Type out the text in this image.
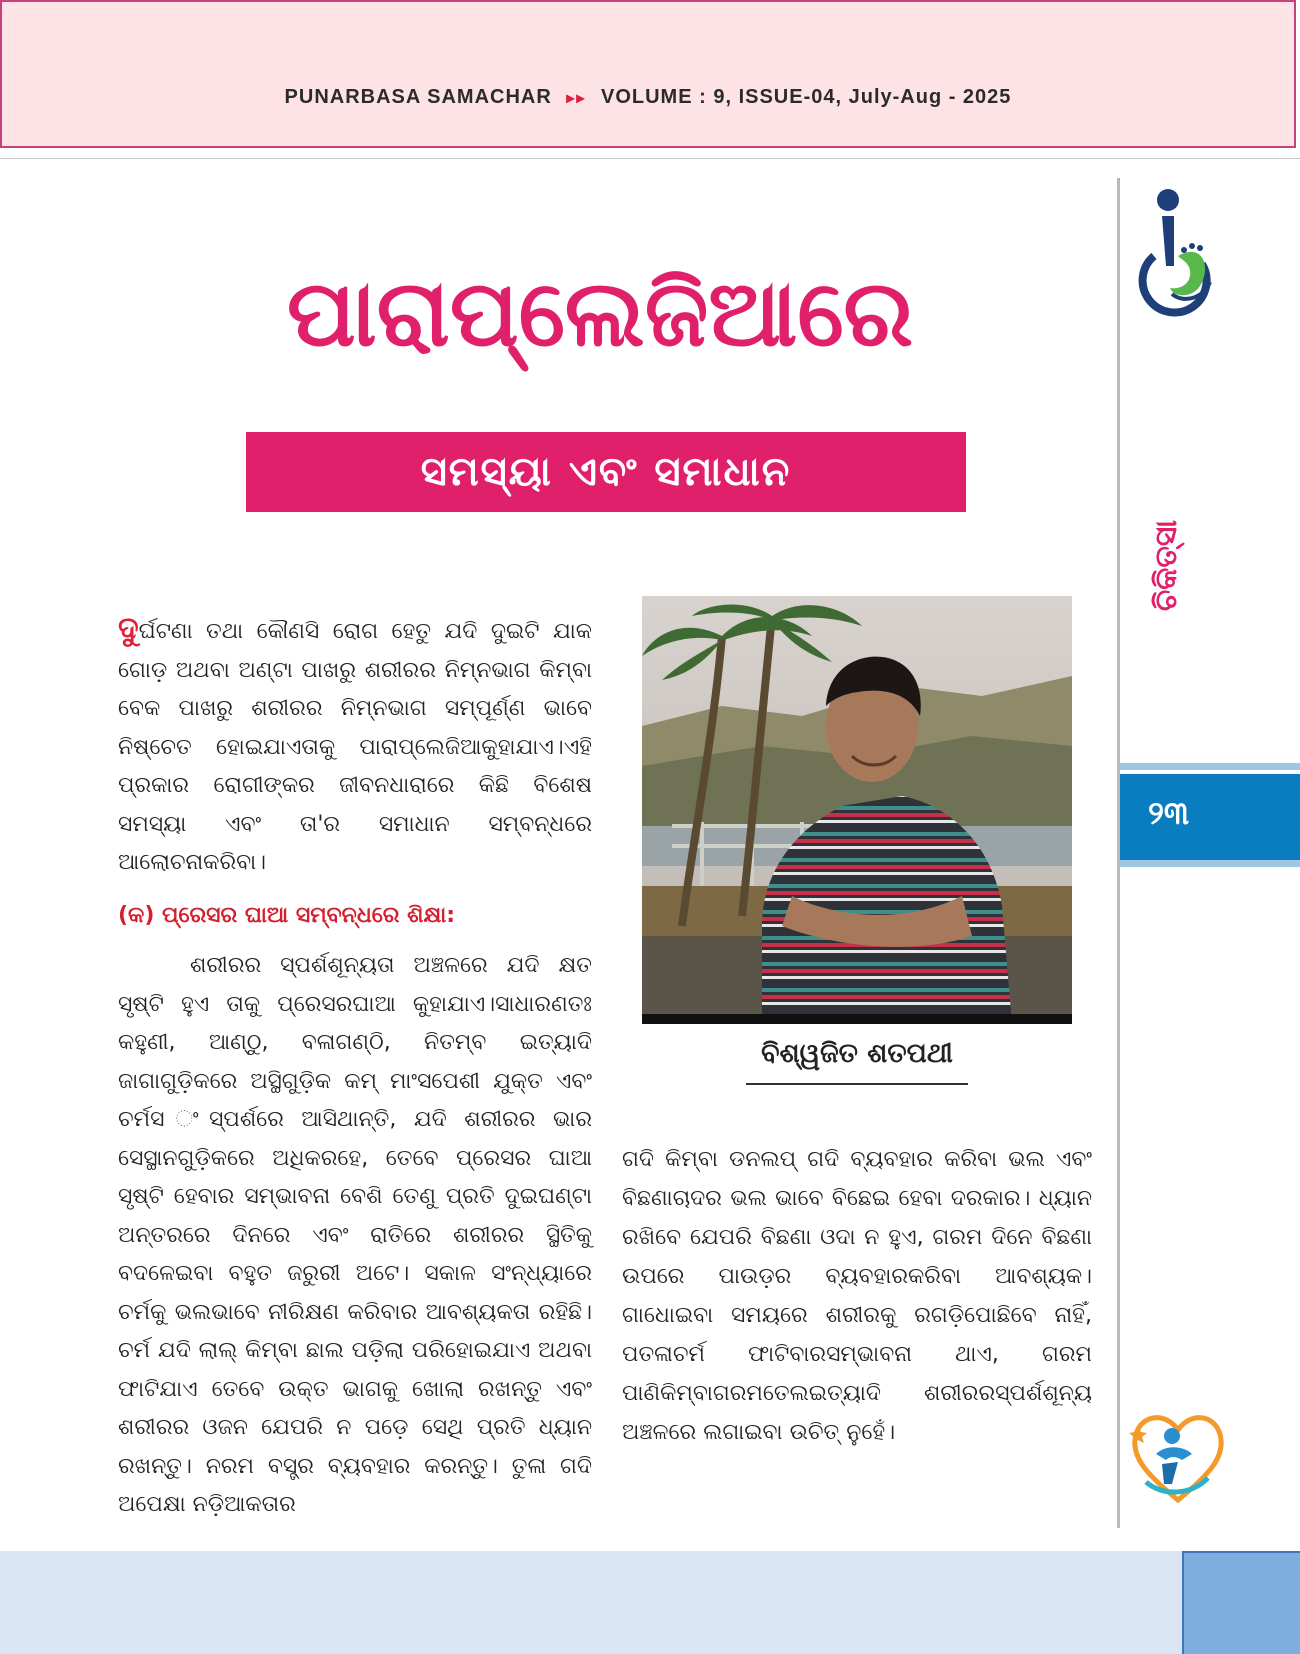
PUNARBASA SAMACHAR ▸▸ VOLUME : 9, ISSUE-04, July-Aug - 2025
ଚିକିତ୍ସା
୨୩
ପାରାପ୍ଲେଜିଆରେ
ସମସ୍ୟା ଏବଂ ସମାଧାନ

ଦୁର୍ଘଟଣା ତଥା କୌଣସି ରୋଗ ହେତୁ ଯଦି ଦୁଇଟି ଯାକ ଗୋଡ଼ ଅଥବା ଅଣ୍ଟା ପାଖରୁ ଶରୀରର ନିମ୍ନଭାଗ କିମ୍ବା ବେକ ପାଖରୁ ଶରୀରର ନିମ୍ନଭାଗ ସମ୍ପୂର୍ଣ୍ଣ ଭାବେ ନିଷ୍ଚେତ ହୋଇଯାଏତାକୁ ପାରାପ୍ଲେଜିଆକୁହାଯାଏ।ଏହି ପ୍ରକାର ରୋଗୀଙ୍କର ଜୀବନଧାରାରେ କିଛି ବିଶେଷ ସମସ୍ୟା ଏବଂ ତା'ର ସମାଧାନ ସମ୍ବନ୍ଧରେ ଆଲୋଚନାକରିବା।

(କ) ପ୍ରେସର ଘାଆ ସମ୍ବନ୍ଧରେ ଶିକ୍ଷା:

ଶରୀରର ସ୍ପର୍ଶଶୂନ୍ୟତା ଅଞ୍ଚଳରେ ଯଦି କ୍ଷତ ସୃଷ୍ଟି ହୁଏ ତାକୁ ପ୍ରେସରଘାଆ କୁହାଯାଏ।ସାଧାରଣତଃ କହୁଣୀ, ଆଣ୍ଠୁ, ବଳାଗଣ୍ଠି, ନିତମ୍ବ ଇତ୍ୟାଦି ଜାଗାଗୁଡ଼ିକରେ ଅସ୍ଥିଗୁଡ଼ିକ କମ୍ ମାଂସପେଶୀ ଯୁକ୍ତ ଏବଂ ଚର୍ମସ ଂସ୍ପର୍ଶରେ ଆସିଥାନ୍ତି, ଯଦି ଶରୀରର ଭାର ସେସ୍ଥାନଗୁଡ଼ିକରେ ଅଧିକରହେ, ତେବେ ପ୍ରେସର ଘାଆ ସୃଷ୍ଟି ହେବାର ସମ୍ଭାବନା ବେଶି ତେଣୁ ପ୍ରତି ଦୁଇଘଣ୍ଟା ଅନ୍ତରରେ ଦିନରେ ଏବଂ ରାତିରେ ଶରୀରର ସ୍ଥିତିକୁ ବଦଳେଇବା ବହୁତ ଜରୁରୀ ଅଟେ। ସକାଳ ସଂନ୍ଧ୍ୟାରେ ଚର୍ମକୁ ଭଲଭାବେ ନୀରିକ୍ଷଣ କରିବାର ଆବଶ୍ୟକତା ରହିଛି। ଚର୍ମ ଯଦି ଲାଲ୍ କିମ୍ବା ଛାଲ ପଡ଼ିଲା ପରିହୋଇଯାଏ ଅଥବା ଫାଟିଯାଏ ତେବେ ଉକ୍ତ ଭାଗକୁ ଖୋଲା ରଖନ୍ତୁ ଏବଂ ଶରୀରର ଓଜନ ଯେପରି ନ ପଡ଼େ ସେଥି ପ୍ରତି ଧ୍ୟାନ ରଖନ୍ତୁ। ନରମ ବସ୍ତ୍ର ବ୍ୟବହାର କରନ୍ତୁ। ତୁଳା ଗଦି ଅପେକ୍ଷା ନଡ଼ିଆକତାର

ବିଶ୍ୱଜିତ ଶତପଥୀ

ଗଦି କିମ୍ବା ଡନଲପ୍ ଗଦି ବ୍ୟବହାର କରିବା ଭଲ ଏବଂ ବିଛଣାଚାଦର ଭଲ ଭାବେ ବିଛେଇ ହେବା ଦରକାର। ଧ୍ୟାନ ରଖିବେ ଯେପରି ବିଛଣା ଓଦା ନ ହୁଏ, ଗରମ ଦିନେ ବିଛଣା ଉପରେ ପାଉଡ଼ର ବ୍ୟବହାରକରିବା ଆବଶ୍ୟକ। ଗାଧୋଇବା ସମୟରେ ଶରୀରକୁ ରଗଡ଼ିପୋଛିବେ ନାହିଁ, ପତଳାଚର୍ମ ଫାଟିବାରସମ୍ଭାବନା ଥାଏ, ଗରମ ପାଣିକିମ୍ବାଗରମତେଲଇତ୍ୟାଦି ଶରୀରରସ୍ପର୍ଶଶୂନ୍ୟ ଅଞ୍ଚଳରେ ଲଗାଇବା ଉଚିତ୍ ନୁହେଁ।
